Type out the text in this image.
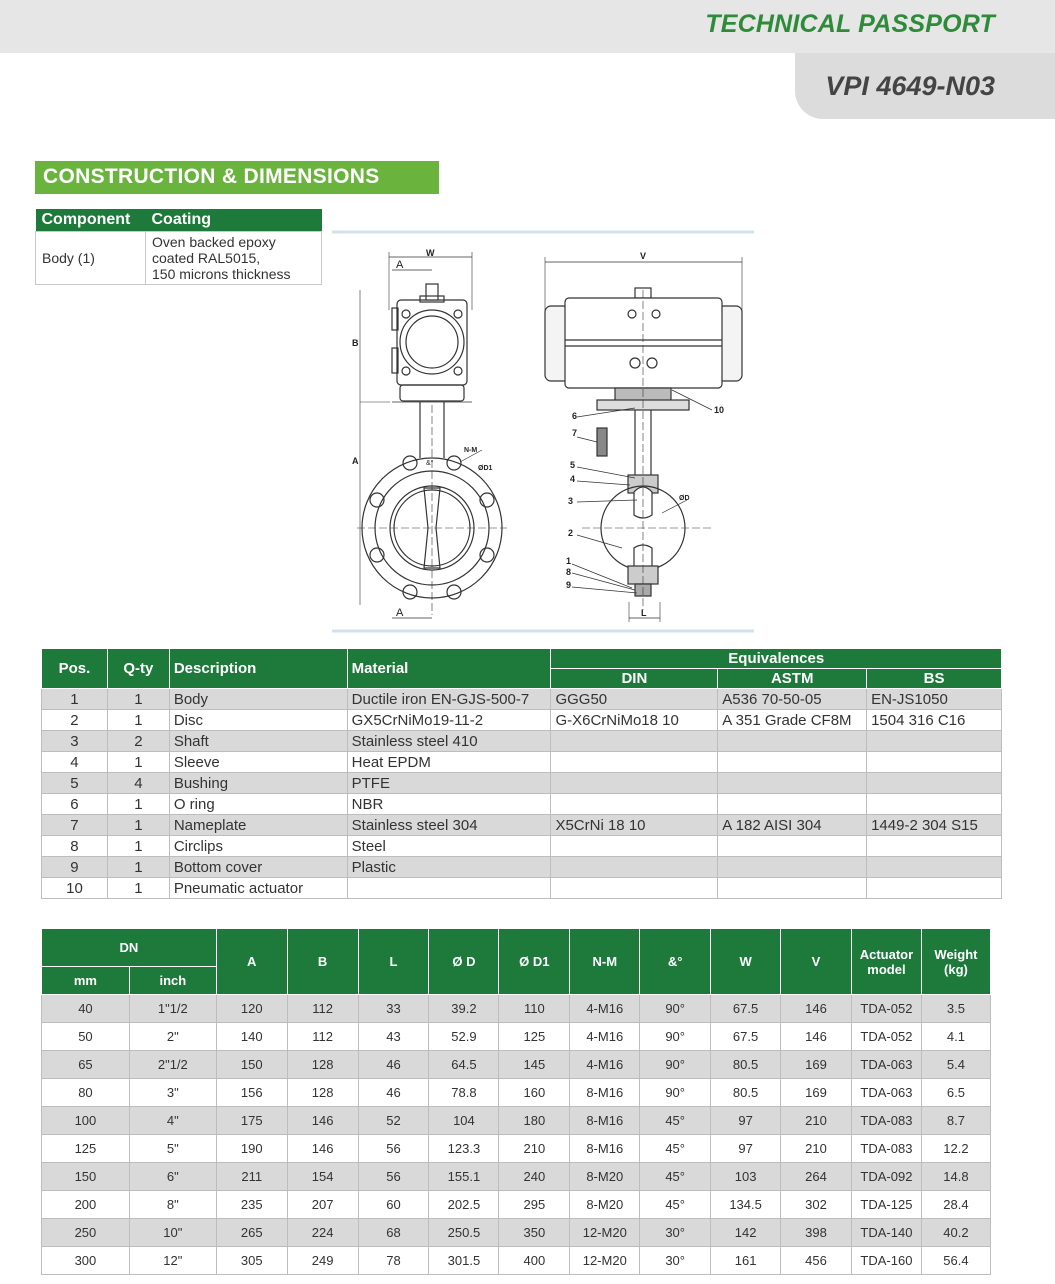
TECHNICAL PASSPORT
VPI 4649-N03
CONSTRUCTION & DIMENSIONS
Component	Coating
Body (1)	Oven backed epoxy
coated RAL5015,
150 microns thickness
W
A
B
A
N-M
ØD1
&°
A
V
6
7
5
4
3
2
1
8
9
10
ØD
L
Pos.	Q-ty	Description	Material	Equivalences		
				DIN	ASTM	BS
1	1	Body	Ductile iron EN-GJS-500-7	GGG50	A536 70-50-05	EN-JS1050
2	1	Disc	GX5CrNiMo19-11-2	G-X6CrNiMo18 10	A 351 Grade CF8M	1504 316 C16
3	2	Shaft	Stainless steel 410			
4	1	Sleeve	Heat EPDM			
5	4	Bushing	PTFE			
6	1	O ring	NBR			
7	1	Nameplate	Stainless steel 304	X5CrNi 18 10	A 182 AISI 304	1449-2 304 S15
8	1	Circlips	Steel			
9	1	Bottom cover	Plastic			
10	1	Pneumatic actuator				
DN		A	B	L	Ø D	Ø D1	N-M	&°	W	V	Actuator model	Weight (kg)
mm	inch											
40	1"1/2	120	112	33	39.2	110	4-M16	90°	67.5	146	TDA-052	3.5
50	2"	140	112	43	52.9	125	4-M16	90°	67.5	146	TDA-052	4.1
65	2"1/2	150	128	46	64.5	145	4-M16	90°	80.5	169	TDA-063	5.4
80	3"	156	128	46	78.8	160	8-M16	90°	80.5	169	TDA-063	6.5
100	4"	175	146	52	104	180	8-M16	45°	97	210	TDA-083	8.7
125	5"	190	146	56	123.3	210	8-M16	45°	97	210	TDA-083	12.2
150	6"	211	154	56	155.1	240	8-M20	45°	103	264	TDA-092	14.8
200	8"	235	207	60	202.5	295	8-M20	45°	134.5	302	TDA-125	28.4
250	10"	265	224	68	250.5	350	12-M20	30°	142	398	TDA-140	40.2
300	12"	305	249	78	301.5	400	12-M20	30°	161	456	TDA-160	56.4
